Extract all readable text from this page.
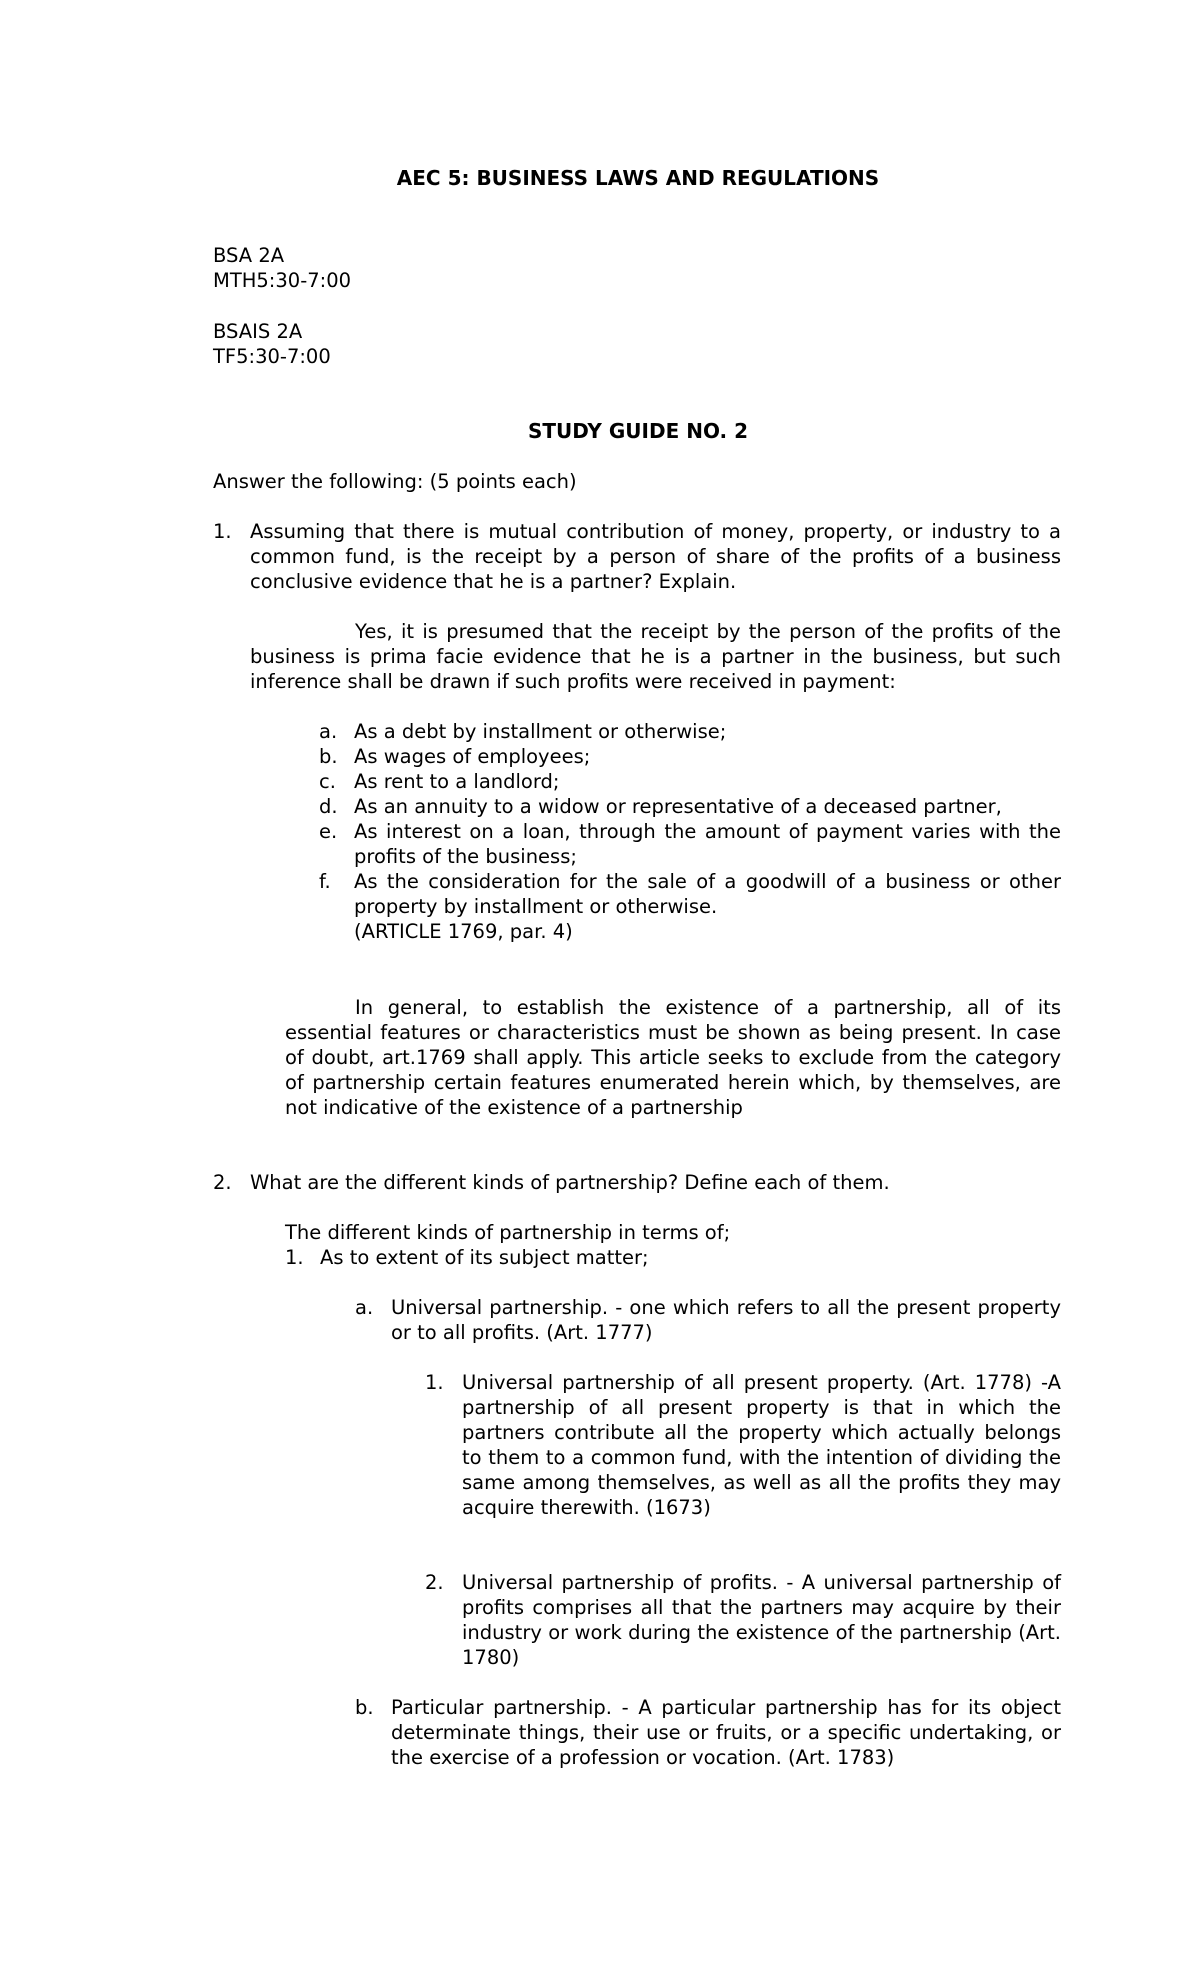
AEC 5: BUSINESS LAWS AND REGULATIONS
BSA 2A
MTH5:30-7:00
BSAIS 2A
TF5:30-7:00
STUDY GUIDE NO. 2
Answer the following: (5 points each)
1. Assuming that there is mutual contribution of money, property, or industry to a common fund, is the receipt by a person of share of the profits of a business conclusive evidence that he is a partner? Explain.
Yes, it is presumed that the receipt by the person of the profits of the business is prima facie evidence that he is a partner in the business, but such inference shall be drawn if such profits were received in payment:
a. As a debt by installment or otherwise;
b. As wages of employees;
c. As rent to a landlord;
d. As an annuity to a widow or representative of a deceased partner,
e. As interest on a loan, through the amount of payment varies with the profits of the business;
f. As the consideration for the sale of a goodwill of a business or other property by installment or otherwise.
(ARTICLE 1769, par. 4)
In general, to establish the existence of a partnership, all of its essential features or characteristics must be shown as being present. In case of doubt, art.1769 shall apply. This article seeks to exclude from the category of partnership certain features enumerated herein which, by themselves, are not indicative of the existence of a partnership
2. What are the different kinds of partnership? Define each of them.
The different kinds of partnership in terms of;
1. As to extent of its subject matter;
a. Universal partnership. - one which refers to all the present property or to all profits. (Art. 1777)
1. Universal partnership of all present property. (Art. 1778) -A partnership of all present property is that in which the partners contribute all the property which actually belongs to them to a common fund, with the intention of dividing the same among themselves, as well as all the profits they may acquire therewith. (1673)
2. Universal partnership of profits. - A universal partnership of profits comprises all that the partners may acquire by their industry or work during the existence of the partnership (Art. 1780)
b. Particular partnership. - A particular partnership has for its object determinate things, their use or fruits, or a specific undertaking, or the exercise of a profession or vocation. (Art. 1783)
